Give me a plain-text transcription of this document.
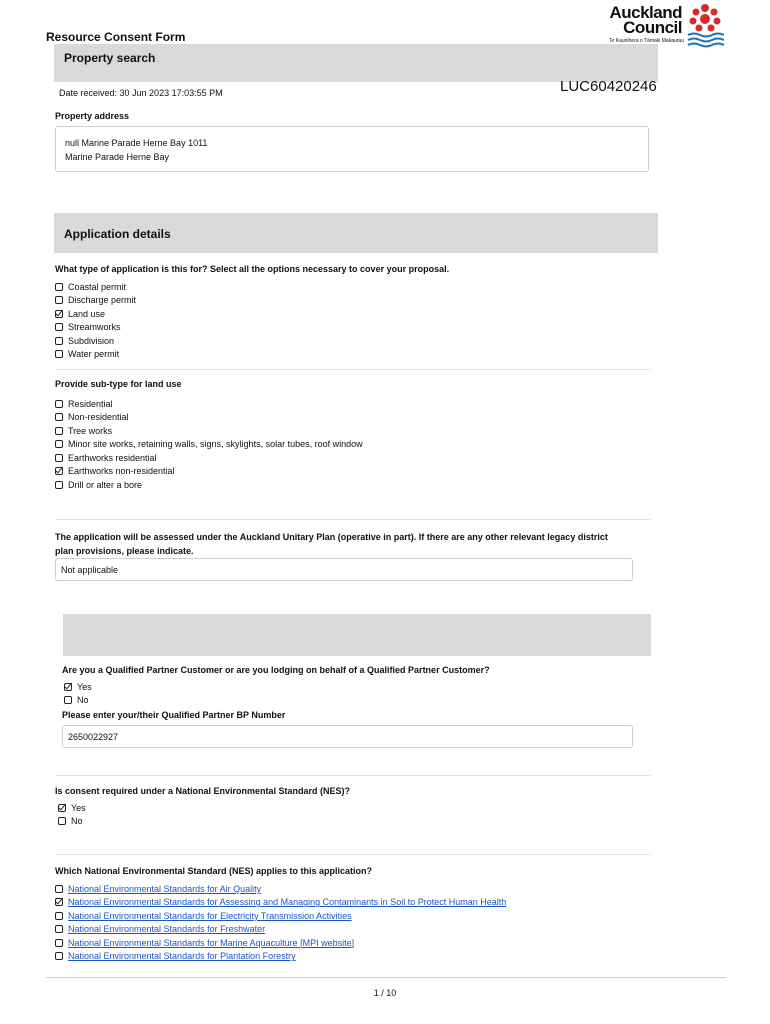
Resource Consent Form
Auckland
Council
Te Kaunihera o Tāmaki Makaurau
Property search
Date received: 30 Jun 2023 17:03:55 PM	LUC60420246
Property address
null Marine Parade Herne Bay 1011
Marine Parade Herne Bay
Application details
What type of application is this for? Select all the options necessary to cover your proposal.
Coastal permit
Discharge permit
Land use
Streamworks
Subdivision
Water permit
Provide sub-type for land use
Residential
Non-residential
Tree works
Minor site works, retaining walls, signs, skylights, solar tubes, roof window
Earthworks residential
Earthworks non-residential
Drill or alter a bore
The application will be assessed under the Auckland Unitary Plan (operative in part). If there are any other relevant legacy district
plan provisions, please indicate.
Not applicable
Are you a Qualified Partner Customer or are you lodging on behalf of a Qualified Partner Customer?
Yes
No
Please enter your/their Qualified Partner BP Number
2650022927
Is consent required under a National Environmental Standard (NES)?
Yes
No
Which National Environmental Standard (NES) applies to this application?
National Environmental Standards for Air Quality
National Environmental Standards for Assessing and Managing Contaminants in Soil to Protect Human Health
National Environmental Standards for Electricity Transmission Activities
National Environmental Standards for Freshwater
National Environmental Standards for Marine Aquaculture [MPI website]
National Environmental Standards for Plantation Forestry
1 / 10
